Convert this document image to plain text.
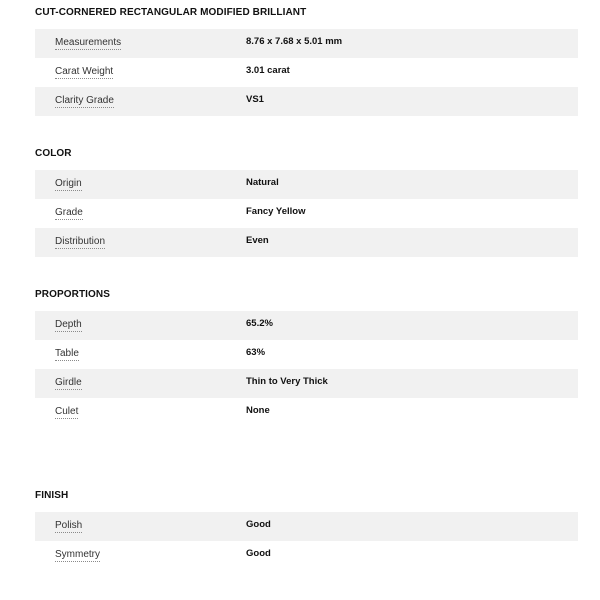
CUT-CORNERED RECTANGULAR MODIFIED BRILLIANT
Measurements	8.76 x 7.68 x 5.01 mm
Carat Weight	3.01 carat
Clarity Grade	VS1
COLOR
Origin	Natural
Grade	Fancy Yellow
Distribution	Even
PROPORTIONS
Depth	65.2%
Table	63%
Girdle	Thin to Very Thick
Culet	None
FINISH
Polish	Good
Symmetry	Good
